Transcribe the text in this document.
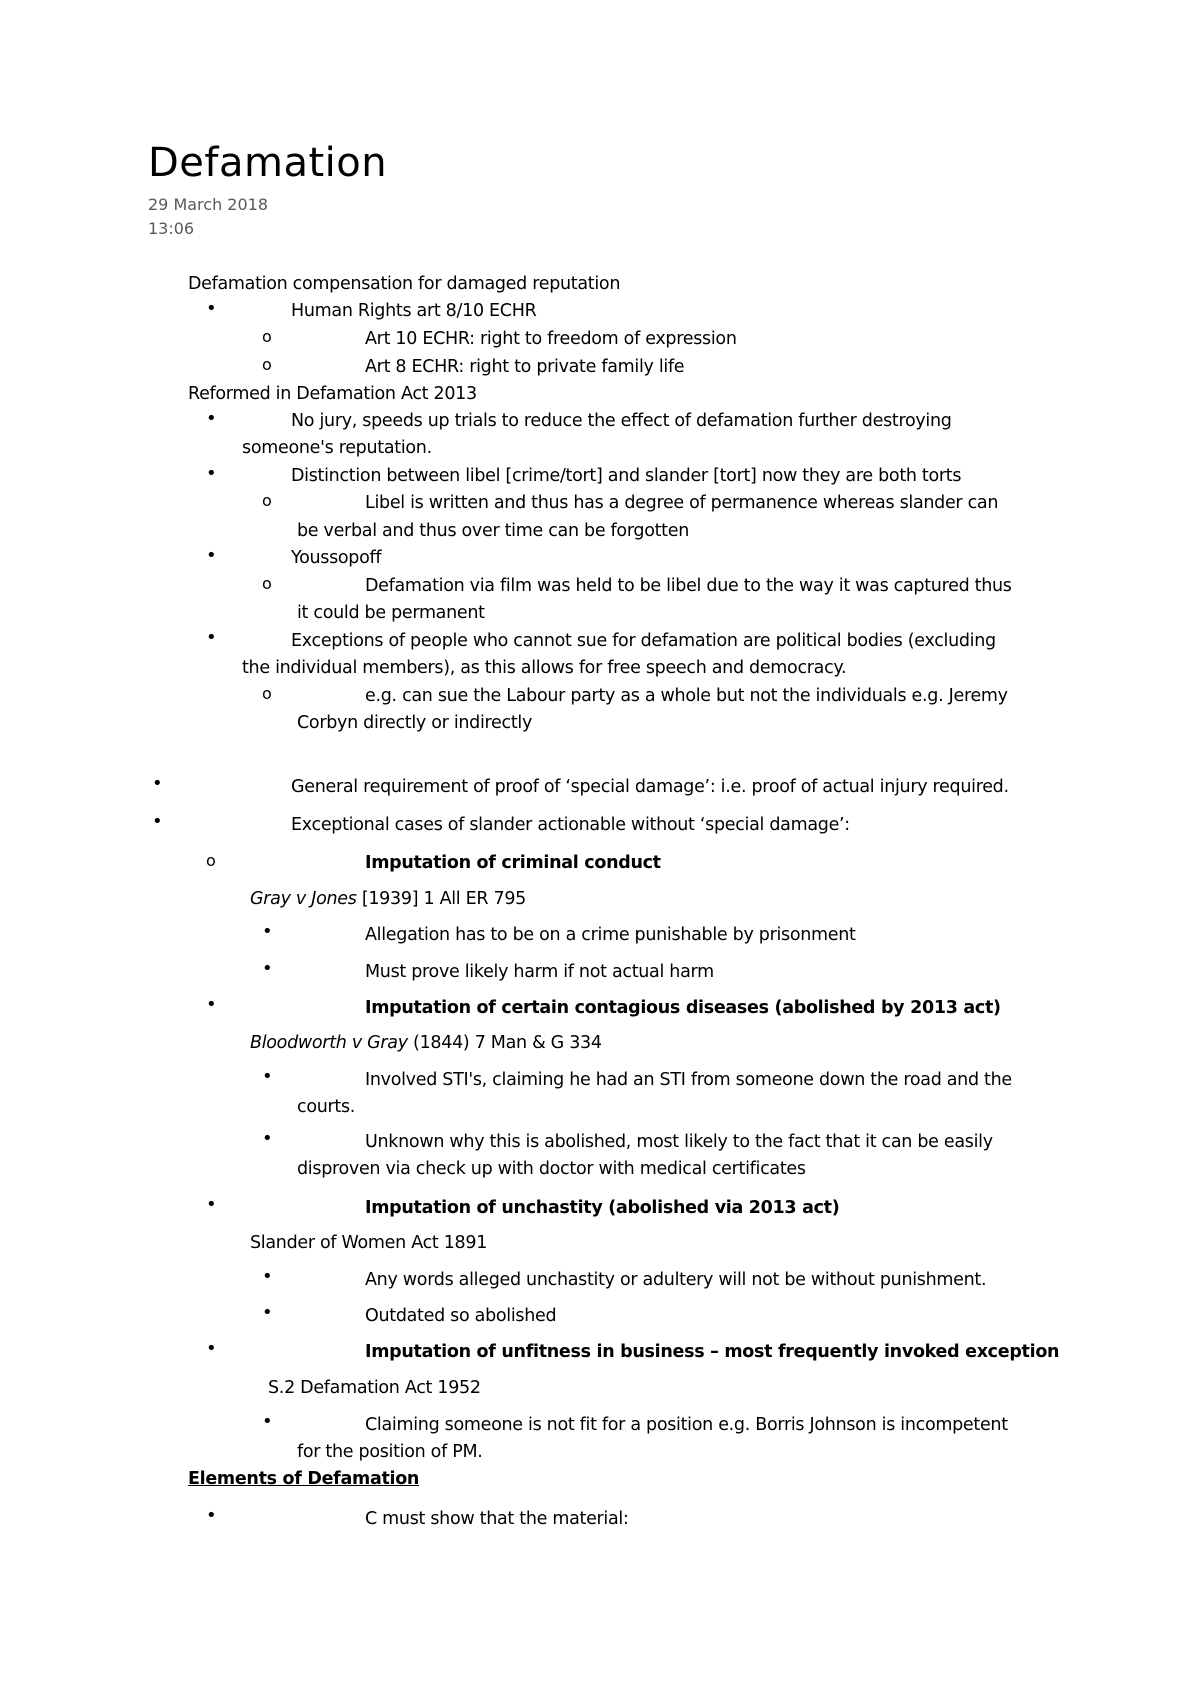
Defamation
29 March 2018
13:06
Defamation compensation for damaged reputation
•	Human Rights art 8/10 ECHR
o	Art 10 ECHR: right to freedom of expression
o	Art 8 ECHR: right to private family life
Reformed in Defamation Act 2013
•	No jury, speeds up trials to reduce the effect of defamation further destroying
someone's reputation.
•	Distinction between libel [crime/tort] and slander [tort] now they are both torts
o	Libel is written and thus has a degree of permanence whereas slander can
be verbal and thus over time can be forgotten
•	Youssopoff
o	Defamation via film was held to be libel due to the way it was captured thus
it could be permanent
•	Exceptions of people who cannot sue for defamation are political bodies (excluding
the individual members), as this allows for free speech and democracy.
o	e.g. can sue the Labour party as a whole but not the individuals e.g. Jeremy
Corbyn directly or indirectly
•	General requirement of proof of ‘special damage’: i.e. proof of actual injury required.
•	Exceptional cases of slander actionable without ‘special damage’:
o	Imputation of criminal conduct
Gray v Jones [1939] 1 All ER 795
•	Allegation has to be on a crime punishable by prisonment
•	Must prove likely harm if not actual harm
•	Imputation of certain contagious diseases (abolished by 2013 act)
Bloodworth v Gray (1844) 7 Man & G 334
•	Involved STI's, claiming he had an STI from someone down the road and the
courts.
•	Unknown why this is abolished, most likely to the fact that it can be easily
disproven via check up with doctor with medical certificates
•	Imputation of unchastity (abolished via 2013 act)
Slander of Women Act 1891
•	Any words alleged unchastity or adultery will not be without punishment.
•	Outdated so abolished
•	Imputation of unfitness in business – most frequently invoked exception
S.2 Defamation Act 1952
•	Claiming someone is not fit for a position e.g. Borris Johnson is incompetent
for the position of PM.
Elements of Defamation
•	C must show that the material:
